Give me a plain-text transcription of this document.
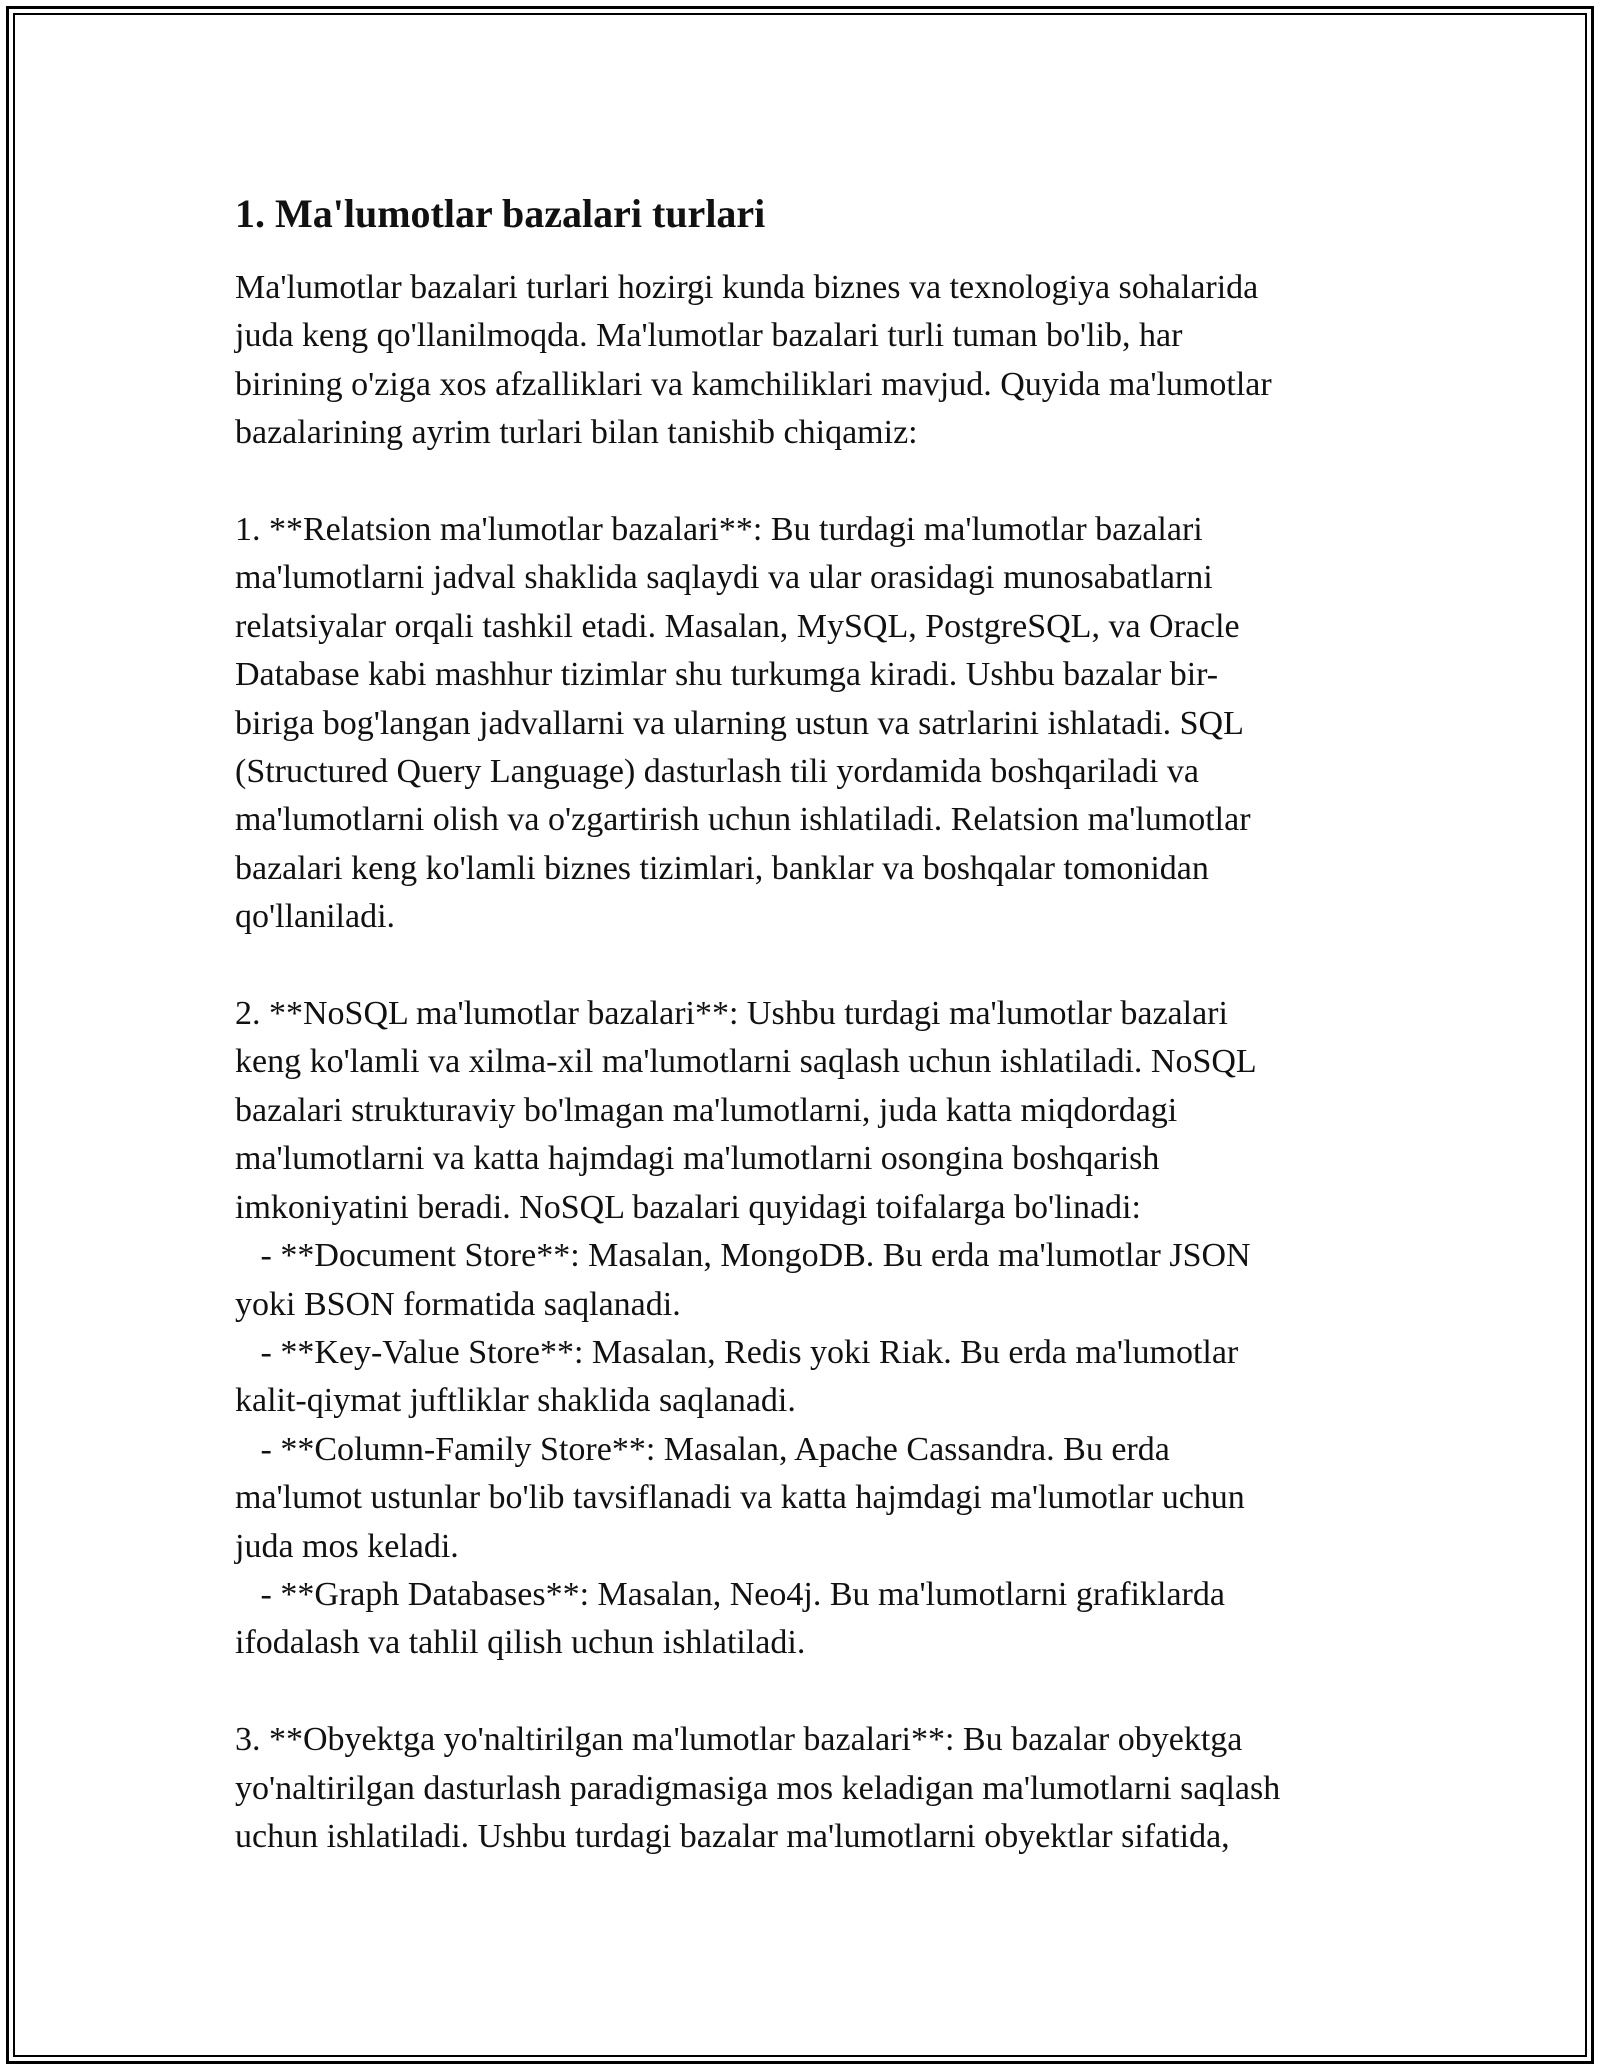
1. Ma'lumotlar bazalari turlari

Ma'lumotlar bazalari turlari hozirgi kunda biznes va texnologiya sohalarida
juda keng qo'llanilmoqda. Ma'lumotlar bazalari turli tuman bo'lib, har
birining o'ziga xos afzalliklari va kamchiliklari mavjud. Quyida ma'lumotlar
bazalarining ayrim turlari bilan tanishib chiqamiz:

1. **Relatsion ma'lumotlar bazalari**: Bu turdagi ma'lumotlar bazalari
ma'lumotlarni jadval shaklida saqlaydi va ular orasidagi munosabatlarni
relatsiyalar orqali tashkil etadi. Masalan, MySQL, PostgreSQL, va Oracle
Database kabi mashhur tizimlar shu turkumga kiradi. Ushbu bazalar bir-
biriga bog'langan jadvallarni va ularning ustun va satrlarini ishlatadi. SQL
(Structured Query Language) dasturlash tili yordamida boshqariladi va
ma'lumotlarni olish va o'zgartirish uchun ishlatiladi. Relatsion ma'lumotlar
bazalari keng ko'lamli biznes tizimlari, banklar va boshqalar tomonidan
qo'llaniladi.

2. **NoSQL ma'lumotlar bazalari**: Ushbu turdagi ma'lumotlar bazalari
keng ko'lamli va xilma-xil ma'lumotlarni saqlash uchun ishlatiladi. NoSQL
bazalari strukturaviy bo'lmagan ma'lumotlarni, juda katta miqdordagi
ma'lumotlarni va katta hajmdagi ma'lumotlarni osongina boshqarish
imkoniyatini beradi. NoSQL bazalari quyidagi toifalarga bo'linadi:
- **Document Store**: Masalan, MongoDB. Bu erda ma'lumotlar JSON
yoki BSON formatida saqlanadi.
- **Key-Value Store**: Masalan, Redis yoki Riak. Bu erda ma'lumotlar
kalit-qiymat juftliklar shaklida saqlanadi.
- **Column-Family Store**: Masalan, Apache Cassandra. Bu erda
ma'lumot ustunlar bo'lib tavsiflanadi va katta hajmdagi ma'lumotlar uchun
juda mos keladi.
- **Graph Databases**: Masalan, Neo4j. Bu ma'lumotlarni grafiklarda
ifodalash va tahlil qilish uchun ishlatiladi.

3. **Obyektga yo'naltirilgan ma'lumotlar bazalari**: Bu bazalar obyektga
yo'naltirilgan dasturlash paradigmasiga mos keladigan ma'lumotlarni saqlash
uchun ishlatiladi. Ushbu turdagi bazalar ma'lumotlarni obyektlar sifatida,
